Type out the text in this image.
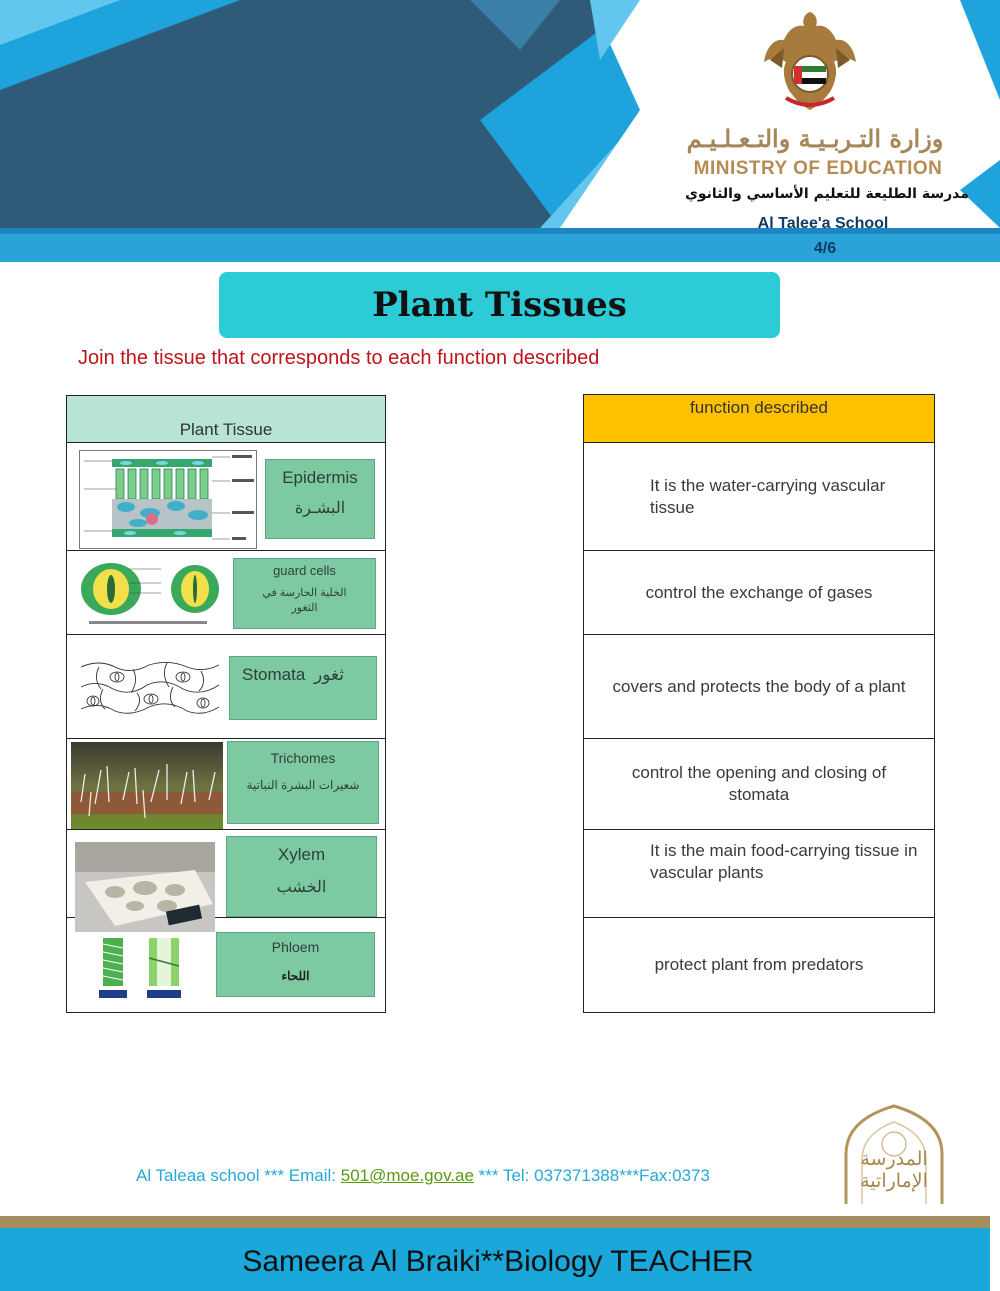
وزارة التـربـيـة والتـعـلـيـم
MINISTRY OF EDUCATION
مدرسة الطليعة للتعليم الأساسي والثانوي
Al Talee'a School
4/6
Plant Tissues
Join the tissue that corresponds to each function described
Plant Tissue
Epidermis
البشـرة
guard cells
الخلية الحارسة في الثغور
Stomata ثغور
Trichomes
شعيرات البشرة النباتية
Xylem
الخشب
Phloem
اللحاء
function described
It is the water-carrying vascular tissue
control the exchange of gases
covers and protects the body of a plant
control the opening and closing of stomata
It is the main food-carrying tissue in vascular plants
protect plant from predators
Al Taleaa school *** Email: 501@moe.gov.ae *** Tel: 037371388***Fax:0373
المدرسة
الإماراتية
Sameera Al Braiki**Biology TEACHER
